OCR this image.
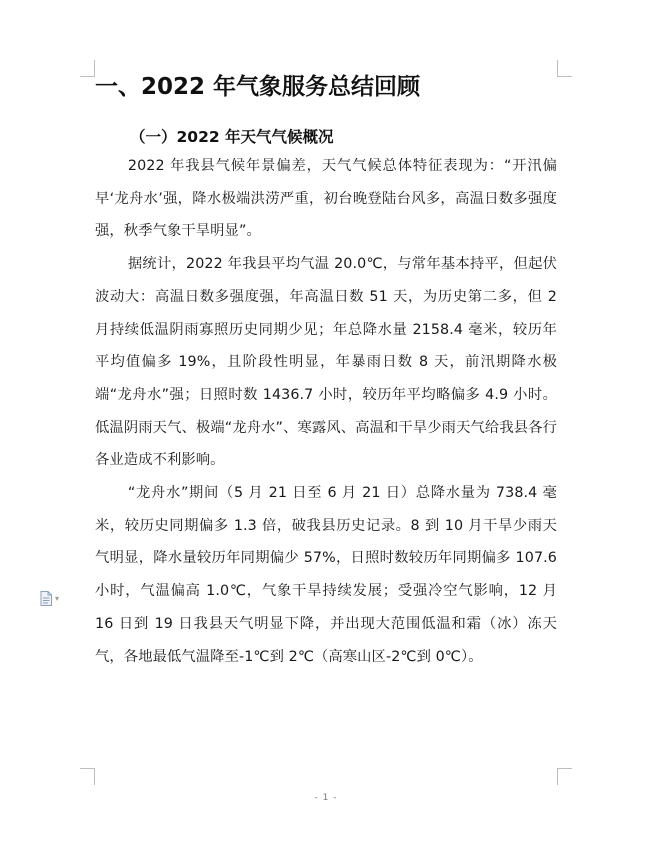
一、2022 年气象服务总结回顾
（一）2022 年天气气候概况

2022 年我县气候年景偏差，天气气候总体特征表现为：“开汛偏早‘龙舟水’强，降水极端洪涝严重，初台晚登陆台风多，高温日数多强度强，秋季气象干旱明显”。

据统计，2022 年我县平均气温 20.0℃，与常年基本持平，但起伏波动大：高温日数多强度强，年高温日数 51 天，为历史第二多，但 2 月持续低温阴雨寡照历史同期少见；年总降水量 2158.4 毫米，较历年平均值偏多 19%，且阶段性明显，年暴雨日数 8 天，前汛期降水极端“龙舟水”强；日照时数 1436.7 小时，较历年平均略偏多 4.9 小时。低温阴雨天气、极端“龙舟水”、寒露风、高温和干旱少雨天气给我县各行各业造成不利影响。

“龙舟水”期间（5 月 21 日至 6 月 21 日）总降水量为 738.4 毫米，较历史同期偏多 1.3 倍，破我县历史记录。8 到 10 月干旱少雨天气明显，降水量较历年同期偏少 57%，日照时数较历年同期偏多 107.6 小时，气温偏高 1.0℃，气象干旱持续发展；受强冷空气影响，12 月 16 日到 19 日我县天气明显下降，并出现大范围低温和霜（冰）冻天气，各地最低气温降至-1℃到 2℃（高寒山区-2℃到 0℃）。

▾
- 1 -
